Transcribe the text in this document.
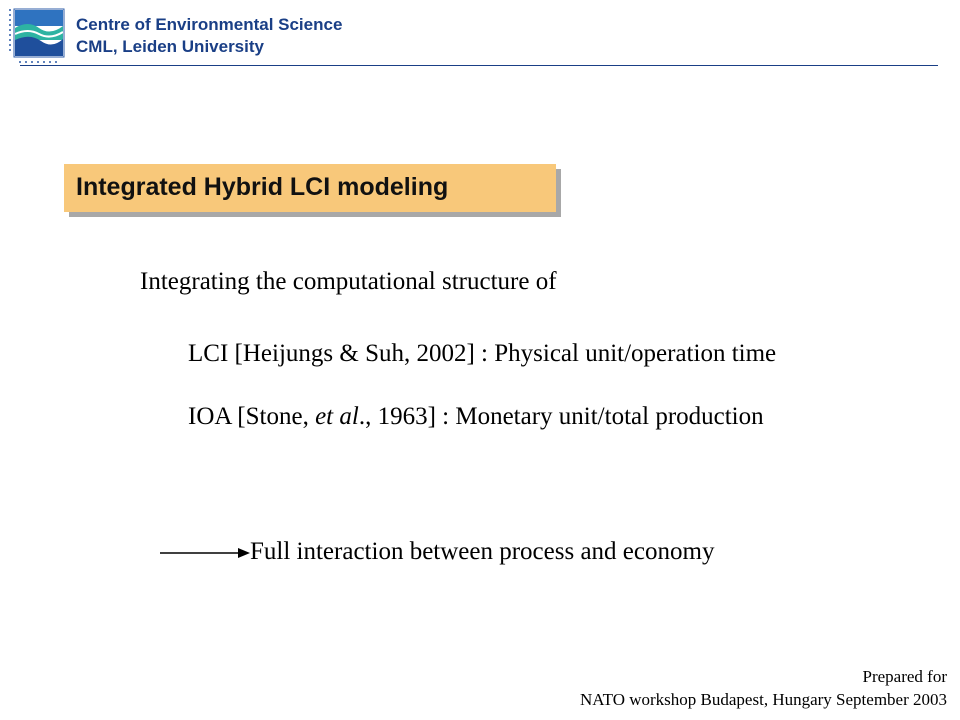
Centre of Environmental Science
CML, Leiden University
Integrated Hybrid LCI modeling
Integrating the computational structure of
LCI [Heijungs & Suh, 2002] : Physical unit/operation time
IOA [Stone, et al., 1963] : Monetary unit/total production
Full interaction between process and economy
Prepared for
NATO workshop Budapest, Hungary September 2003
